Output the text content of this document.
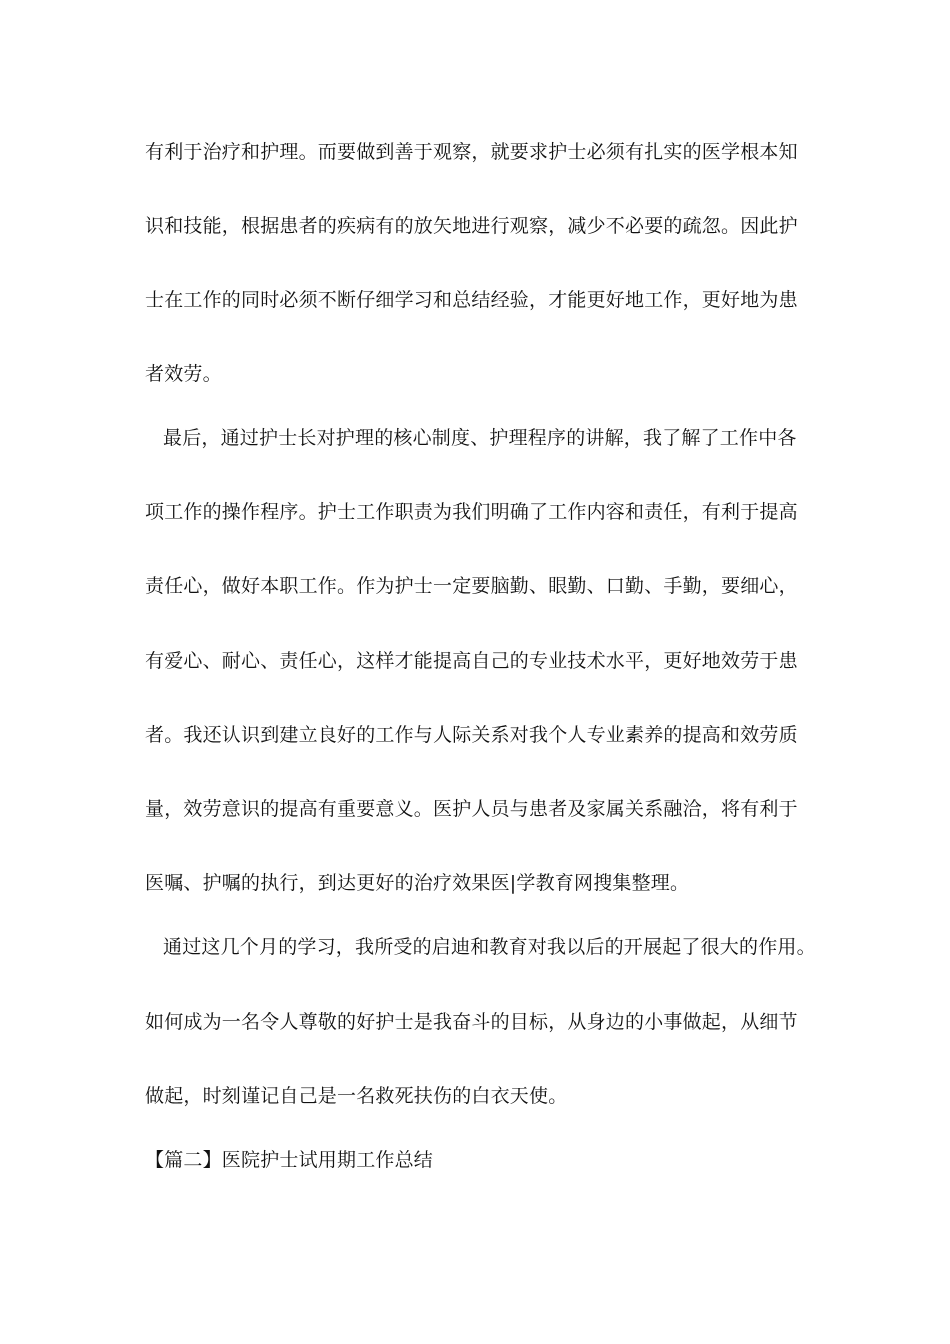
有利于治疗和护理。而要做到善于观察，就要求护士必须有扎实的医学根本知
识和技能，根据患者的疾病有的放矢地进行观察，减少不必要的疏忽。因此护
士在工作的同时必须不断仔细学习和总结经验，才能更好地工作，更好地为患
者效劳。
最后，通过护士长对护理的核心制度、护理程序的讲解，我了解了工作中各
项工作的操作程序。护士工作职责为我们明确了工作内容和责任，有利于提高
责任心，做好本职工作。作为护士一定要脑勤、眼勤、口勤、手勤，要细心，
有爱心、耐心、责任心，这样才能提高自己的专业技术水平，更好地效劳于患
者。我还认识到建立良好的工作与人际关系对我个人专业素养的提高和效劳质
量，效劳意识的提高有重要意义。医护人员与患者及家属关系融洽，将有利于
医嘱、护嘱的执行，到达更好的治疗效果医|学教育网搜集整理。
通过这几个月的学习，我所受的启迪和教育对我以后的开展起了很大的作用。
如何成为一名令人尊敬的好护士是我奋斗的目标，从身边的小事做起，从细节
做起，时刻谨记自己是一名救死扶伤的白衣天使。
【篇二】医院护士试用期工作总结
